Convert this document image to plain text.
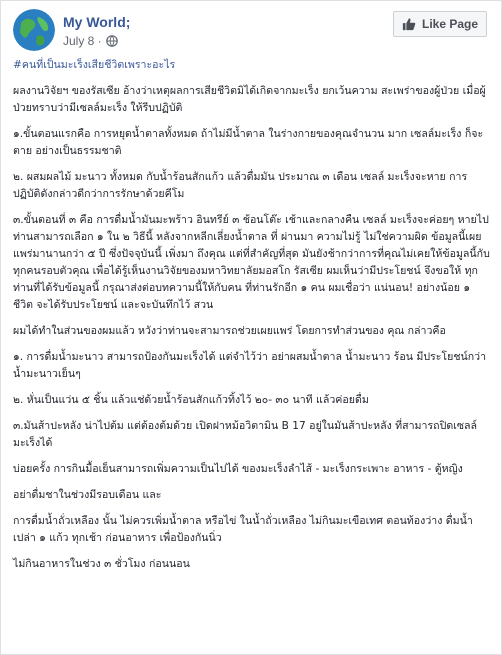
My World;
July 8 ·
Like Page

#คนที่เป็นมะเร็งเสียชีวิตเพราะอะไร

ผลงานวิจัยฯ ของรัสเซีย อ้างว่าเหตุผลการเสียชีวิตมิได้เกิดจากมะเร็ง ยกเว้นความ สะเพร่าของผู้ป่วย เมื่อผู้ป่วยทราบว่ามีเซลล์มะเร็ง ให้รีบปฏิบัติ

๑.ขั้นตอนแรกคือ การหยุดน้ำตาลทั้งหมด ถ้าไม่มีน้ำตาล ในร่างกายของคุณจำนวน มาก เซลล์มะเร็ง ก็จะตาย อย่างเป็นธรรมชาติ

๒. ผสมผลไม้ มะนาว ทั้งหมด กับน้ำร้อนสักแก้ว แล้วดื่มมัน ประมาณ ๓ เดือน เซลล์ มะเร็งจะหาย การปฏิบัติดังกล่าวดีกว่าการรักษาด้วยคีโม

๓.ขั้นตอนที่ ๓ คือ การดื่มน้ำมันมะพร้าว อินทรีย์ ๓ ช้อนโต๊ะ เช้าและกลางคืน เซลล์ มะเร็งจะค่อยๆ หายไป ท่านสามารถเลือก ๑ ใน ๒ วิธีนี้ หลังจากหลีกเลี่ยงน้ำตาล ที่ ผ่านมา ความไม่รู้ ไม่ใช่ความผิด ข้อมูลนี้เผยแพร่มานานกว่า ๕ ปี ซึ่งปัจจุบันนี้ เพิ่งมา ถึงคุณ แต่ที่สำคัญที่สุด มันยังช้ากว่าการที่คุณไม่เคยให้ข้อมูลนี้กับทุกคนรอบตัวคุณ เพื่อได้รู้เห็นงานวิจัยของมหาวิทยาลัยมอสโก รัสเซีย ผมเห็นว่ามีประโยชน์ จึงขอให้ ทุกท่านที่ได้รับข้อมูลนี้ กรุณาส่งต่อบทความนี้ให้กับคน ที่ท่านรักอีก ๑ คน ผมเชื่อว่า แน่นอน! อย่างน้อย ๑ ชีวิต จะได้รับประโยชน์ และจะบันทึกไว้ สวน

ผมได้ทำในส่วนของผมแล้ว หวังว่าท่านจะสามารถช่วยเผยแพร่ โดยการทำส่วนของ คุณ กล่าวคือ

๑. การดื่มน้ำมะนาว สามารถป้องกันมะเร็งได้ แต่จำไว้ว่า อย่าผสมน้ำตาล น้ำมะนาว ร้อน มีประโยชน์กว่า น้ำมะนาวเย็นๆ

๒. หั่นเป็นแว่น ๕ ชิ้น แล้วแช่ด้วยน้ำร้อนสักแก้วทิ้งไว้ ๒๐- ๓๐ นาที แล้วค่อยดื่ม

๓.มันส้าปะหลัง น่าไปต้ม แต่ต้องต้มด้วย เปิดฝาหม้อวิตามิน B 17 อยู่ในมันส้าปะหลัง ที่สามารถปิดเซลล์มะเร็งได้

บ่อยครั้ง การกินมื้อเย็นสามารถเพิ่มความเป็นไปได้ ของมะเร็งลำไส้ - มะเร็งกระเพาะ อาหาร - ตู้หญิง

อย่าดื่มชาในช่วงมีรอบเดือน และ

การดื่มน้ำถั่วเหลือง นั้น ไม่ควรเพิ่มน้ำตาล หรือไข่ ในน้ำถั่วเหลือง ไม่กินมะเขือเทศ ตอนท้องว่าง ดื่มน้ำเปล่า ๑ แก้ว ทุกเช้า ก่อนอาหาร เพื่อป้องกันนิ่ว

ไม่กินอาหารในช่วง ๓ ชั่วโมง ก่อนนอน
